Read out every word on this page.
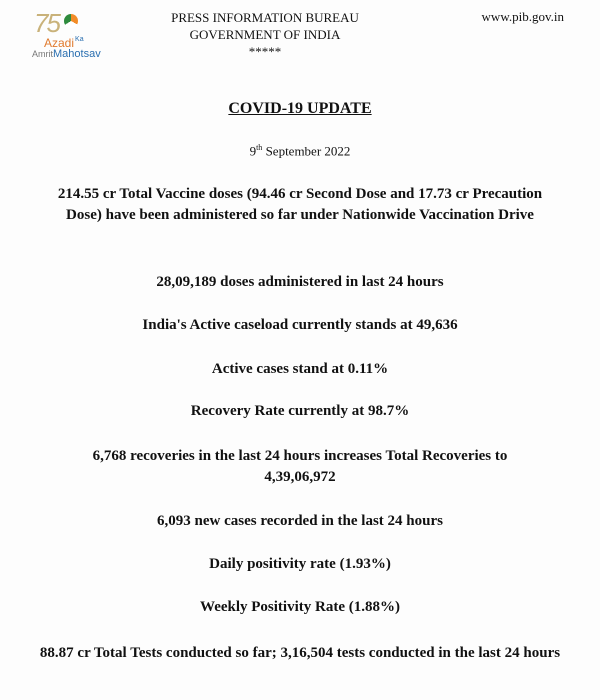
75
Azadi$^{Ka}$
AmritMahotsav
PRESS INFORMATION BUREAU
GOVERNMENT OF INDIA
*****
www.pib.gov.in
COVID-19 UPDATE
9th September 2022
214.55 cr Total Vaccine doses (94.46 cr Second Dose and 17.73 cr Precaution Dose) have been administered so far under Nationwide Vaccination Drive
28,09,189 doses administered in last 24 hours
India's Active caseload currently stands at 49,636
Active cases stand at 0.11%
Recovery Rate currently at 98.7%
6,768 recoveries in the last 24 hours increases Total Recoveries to 4,39,06,972
6,093 new cases recorded in the last 24 hours
Daily positivity rate (1.93%)
Weekly Positivity Rate (1.88%)
88.87 cr Total Tests conducted so far; 3,16,504 tests conducted in the last 24 hours
